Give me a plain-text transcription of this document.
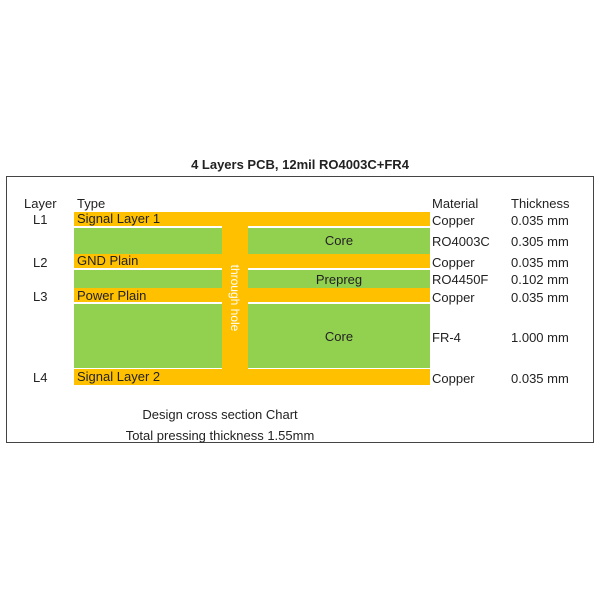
4 Layers PCB, 12mil RO4003C+FR4
Layer Type	Material	Thickness
L1 Signal Layer 1	Copper	0.035 mm
Core	RO4003C 0.305 mm
L2 GND Plain	Copper	0.035 mm
Prepreg	RO4450F 0.102 mm
L3 Power Plain	Copper	0.035 mm
Core	FR-4	1.000 mm
L4 Signal Layer 2	Copper	0.035 mm
through hole
Design cross section Chart
Total pressing thickness 1.55mm
